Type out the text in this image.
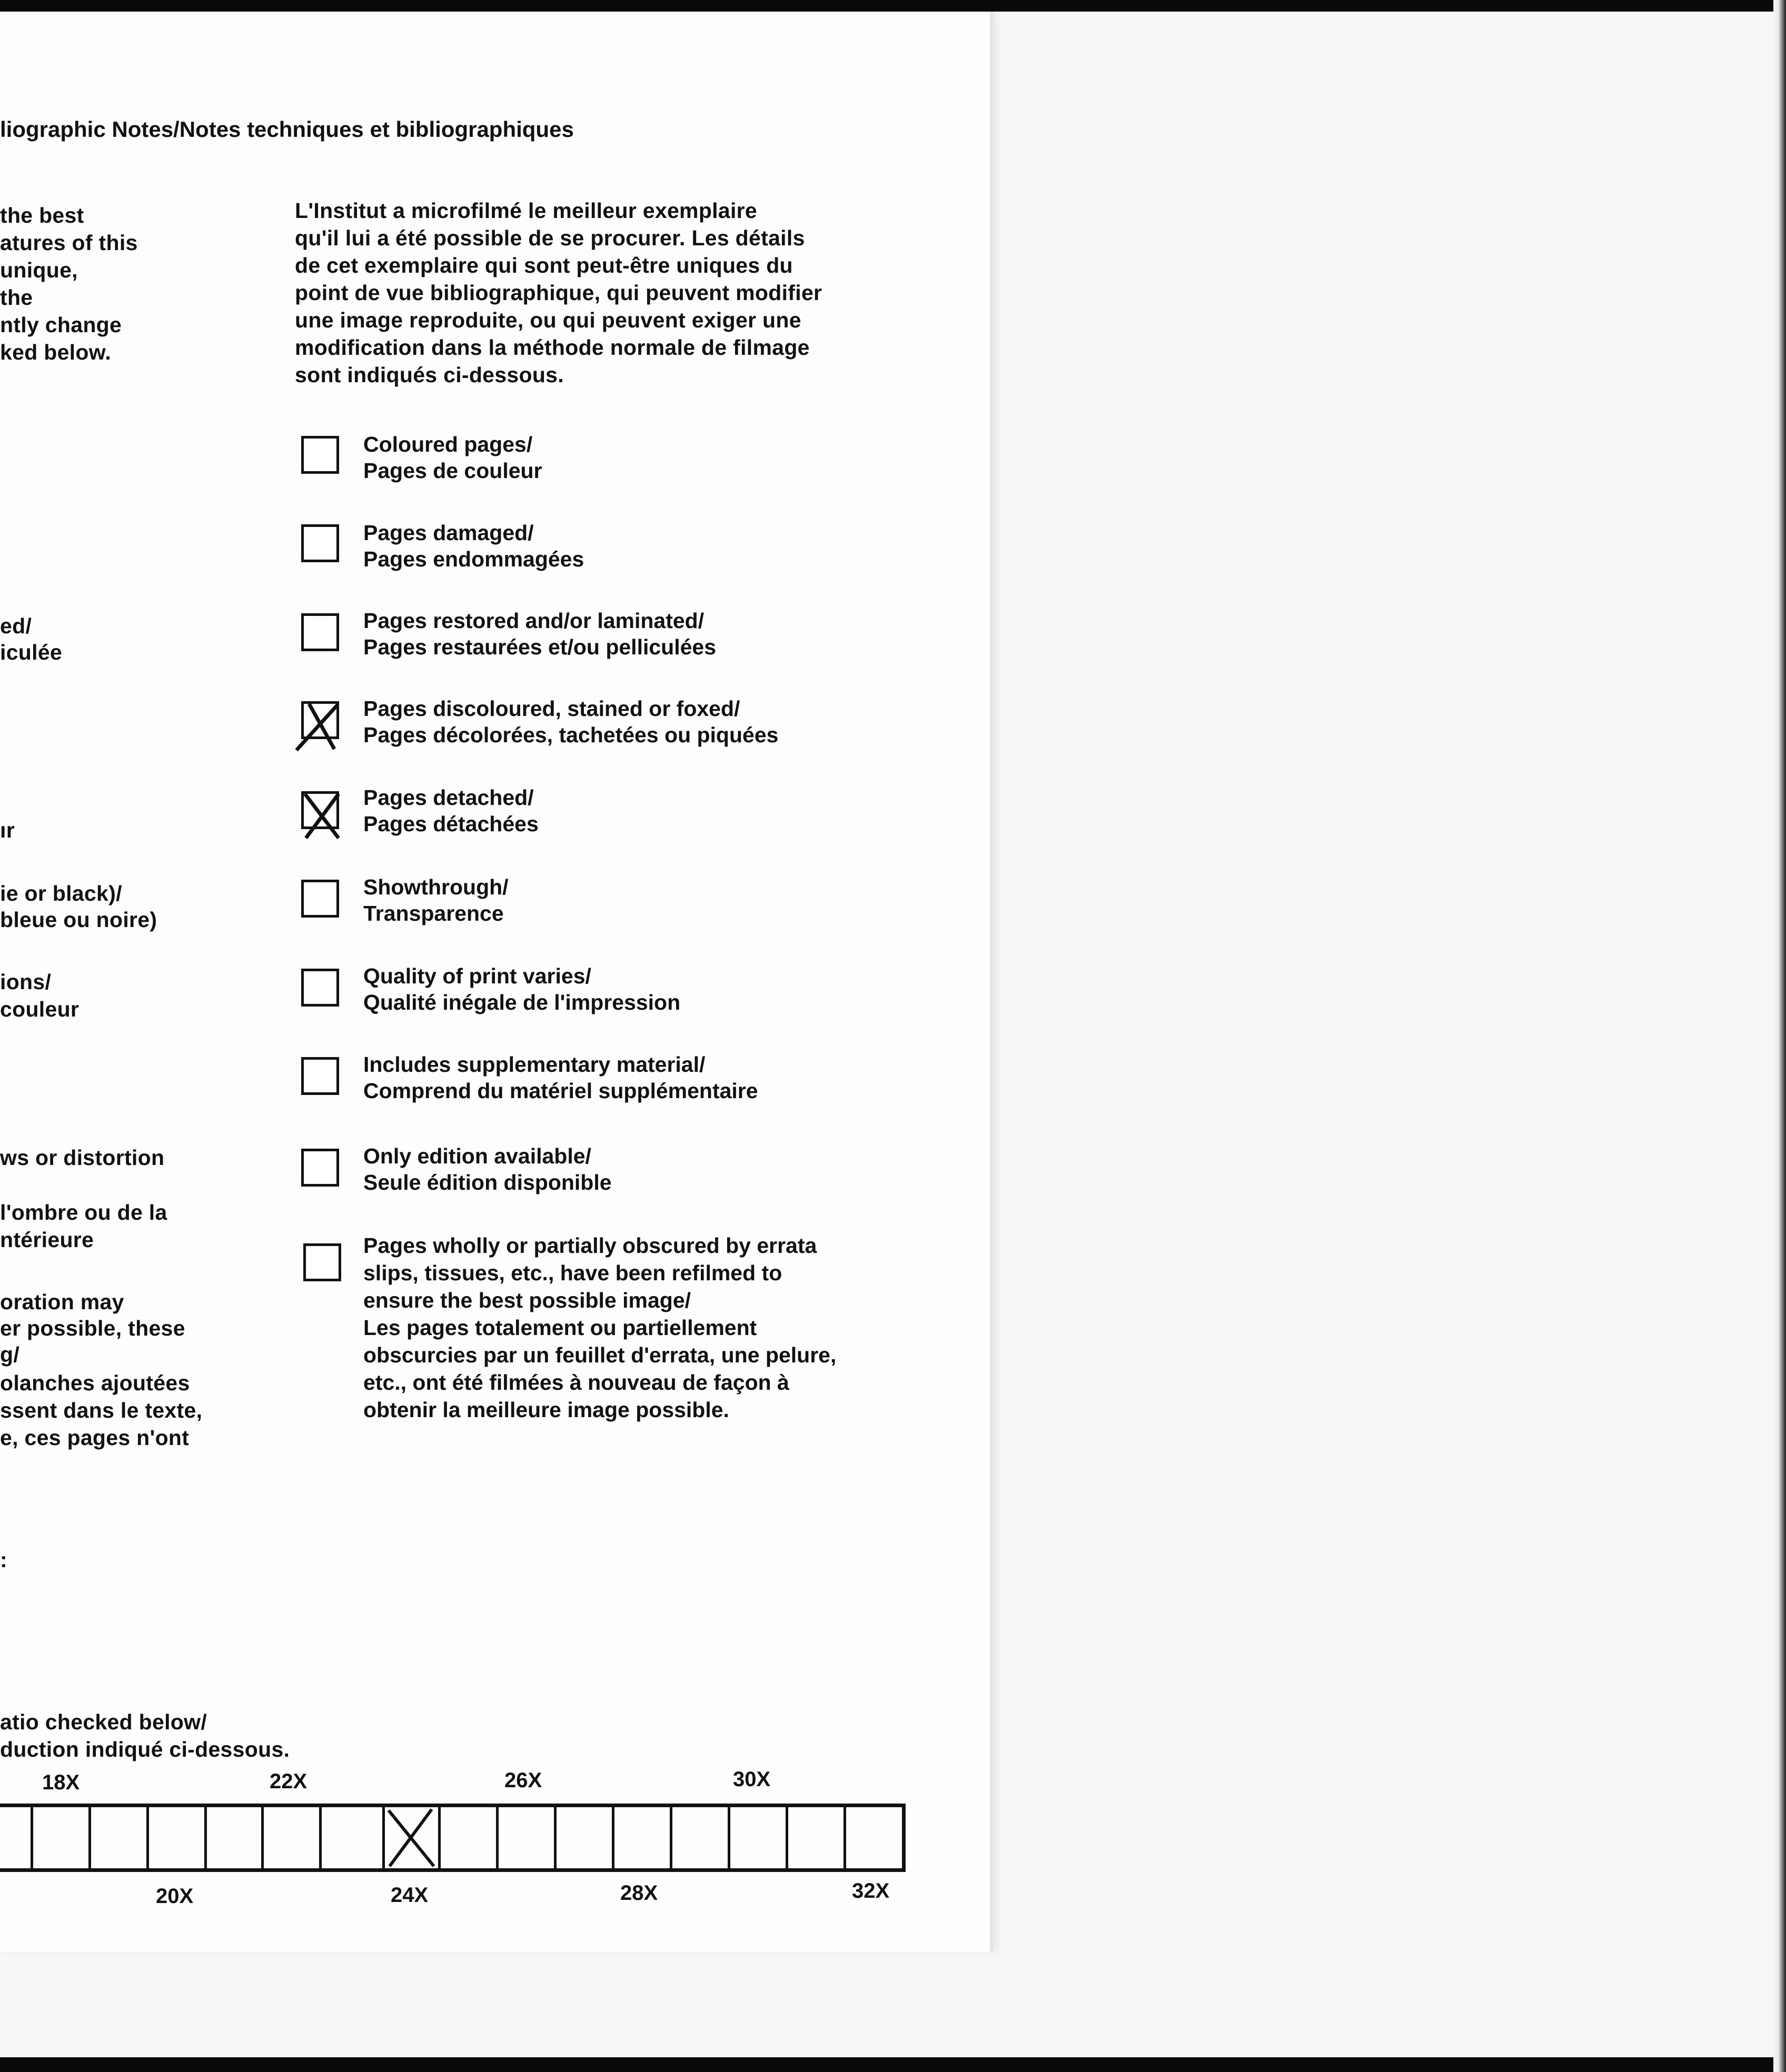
liographic Notes/Notes techniques et bibliographiques
the best
atures of this
unique,
the
ntly change
ked below.
ed/
iculée
ır
ie or black)/
bleue ou noire)
ions/
couleur
ws or distortion
l'ombre ou de la
ntérieure
oration may
er possible, these
g/
olanches ajoutées
ssent dans le texte,
e, ces pages n'ont
:
atio checked below/
duction indiqué ci-dessous.
L'Institut a microfilmé le meilleur exemplaire
qu'il lui a été possible de se procurer. Les détails
de cet exemplaire qui sont peut-être uniques du
point de vue bibliographique, qui peuvent modifier
une image reproduite, ou qui peuvent exiger une
modification dans la méthode normale de filmage
sont indiqués ci-dessous.
Coloured pages/
Pages de couleur
Pages damaged/
Pages endommagées
Pages restored and/or laminated/
Pages restaurées et/ou pelliculées
Pages discoloured, stained or foxed/
Pages décolorées, tachetées ou piquées
Pages detached/
Pages détachées
Showthrough/
Transparence
Quality of print varies/
Qualité inégale de l'impression
Includes supplementary material/
Comprend du matériel supplémentaire
Only edition available/
Seule édition disponible
Pages wholly or partially obscured by errata
slips, tissues, etc., have been refilmed to
ensure the best possible image/
Les pages totalement ou partiellement
obscurcies par un feuillet d'errata, une pelure,
etc., ont été filmées à nouveau de façon à
obtenir la meilleure image possible.
18X	22X	26X	30X
20X	24X	28X	32X
